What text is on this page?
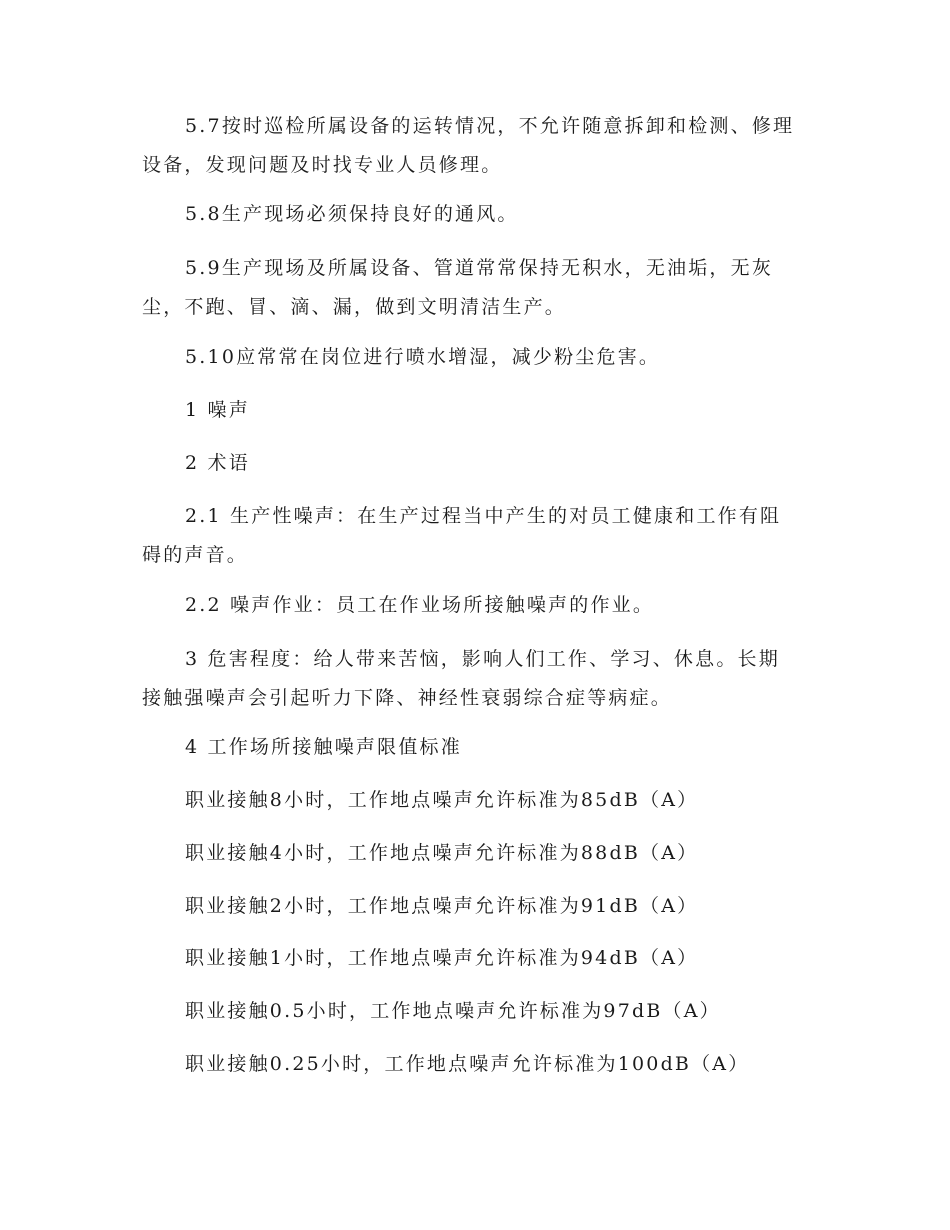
5.7按时巡检所属设备的运转情况，不允许随意拆卸和检测、修理
设备，发现问题及时找专业人员修理。
5.8生产现场必须保持良好的通风。
5.9生产现场及所属设备、管道常常保持无积水，无油垢，无灰
尘，不跑、冒、滴、漏，做到文明清洁生产。
5.10应常常在岗位进行喷水增湿，减少粉尘危害。
1 噪声
2 术语
2.1 生产性噪声：在生产过程当中产生的对员工健康和工作有阻
碍的声音。
2.2 噪声作业：员工在作业场所接触噪声的作业。
3 危害程度：给人带来苦恼，影响人们工作、学习、休息。长期
接触强噪声会引起听力下降、神经性衰弱综合症等病症。
4 工作场所接触噪声限值标准
职业接触8小时，工作地点噪声允许标准为85dB（A）
职业接触4小时，工作地点噪声允许标准为88dB（A）
职业接触2小时，工作地点噪声允许标准为91dB（A）
职业接触1小时，工作地点噪声允许标准为94dB（A）
职业接触0.5小时，工作地点噪声允许标准为97dB（A）
职业接触0.25小时，工作地点噪声允许标准为100dB（A）
